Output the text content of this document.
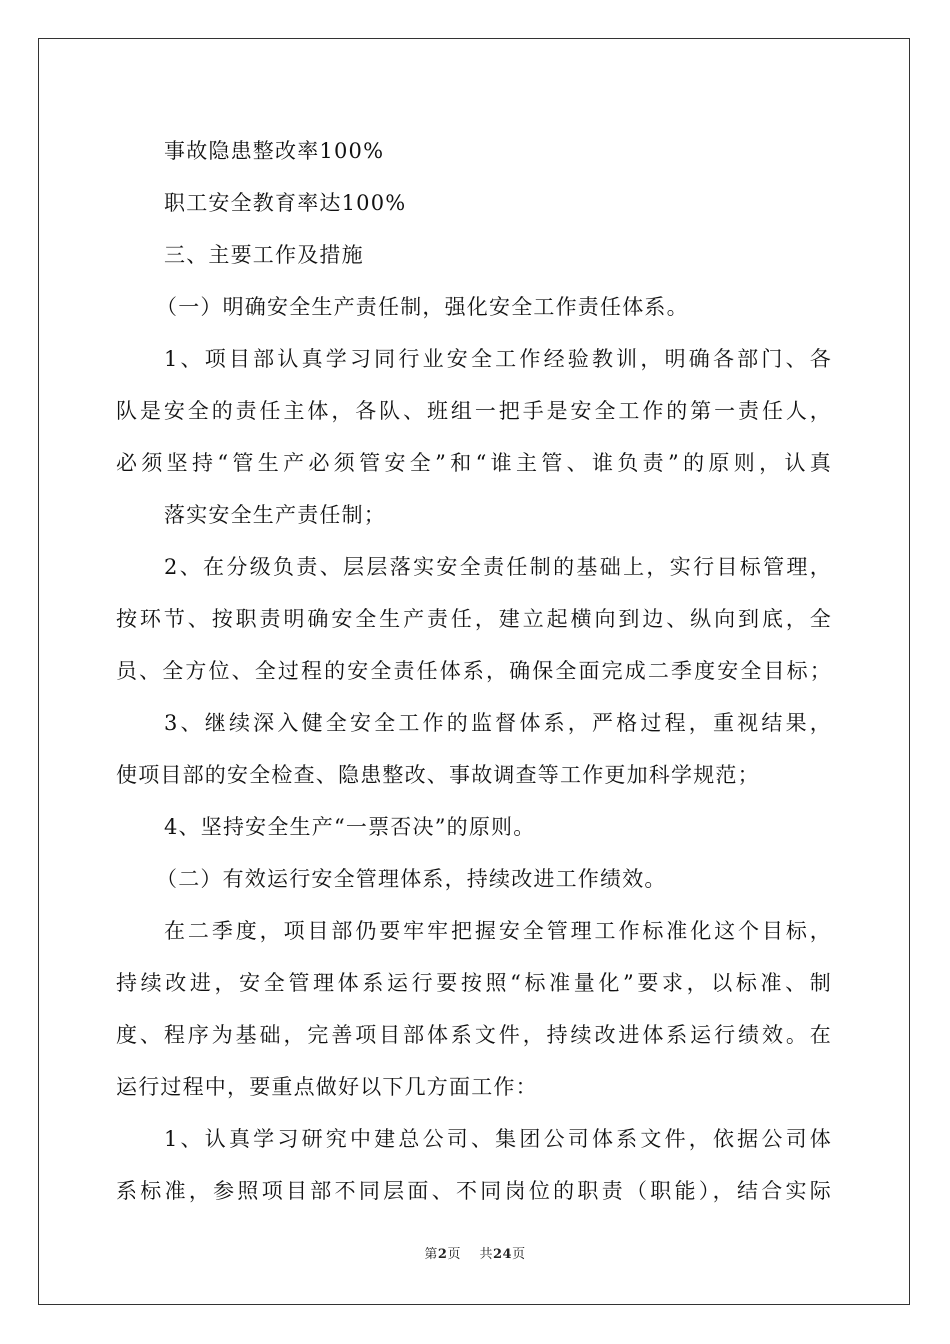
事故隐患整改率100%
职工安全教育率达100%
三、主要工作及措施
（一）明确安全生产责任制，强化安全工作责任体系。
1、项目部认真学习同行业安全工作经验教训，明确各部门、各
队是安全的责任主体，各队、班组一把手是安全工作的第一责任人，
必须坚持“管生产必须管安全”和“谁主管、谁负责”的原则，认真
落实安全生产责任制；
2、在分级负责、层层落实安全责任制的基础上，实行目标管理，
按环节、按职责明确安全生产责任，建立起横向到边、纵向到底，全
员、全方位、全过程的安全责任体系，确保全面完成二季度安全目标；
3、继续深入健全安全工作的监督体系，严格过程，重视结果，
使项目部的安全检查、隐患整改、事故调查等工作更加科学规范；
4、坚持安全生产“一票否决”的原则。
（二）有效运行安全管理体系，持续改进工作绩效。
在二季度，项目部仍要牢牢把握安全管理工作标准化这个目标，
持续改进，安全管理体系运行要按照“标准量化”要求，以标准、制
度、程序为基础，完善项目部体系文件，持续改进体系运行绩效。在
运行过程中，要重点做好以下几方面工作：
1、认真学习研究中建总公司、集团公司体系文件，依据公司体
系标准，参照项目部不同层面、不同岗位的职责（职能），结合实际
第2页 共24页
